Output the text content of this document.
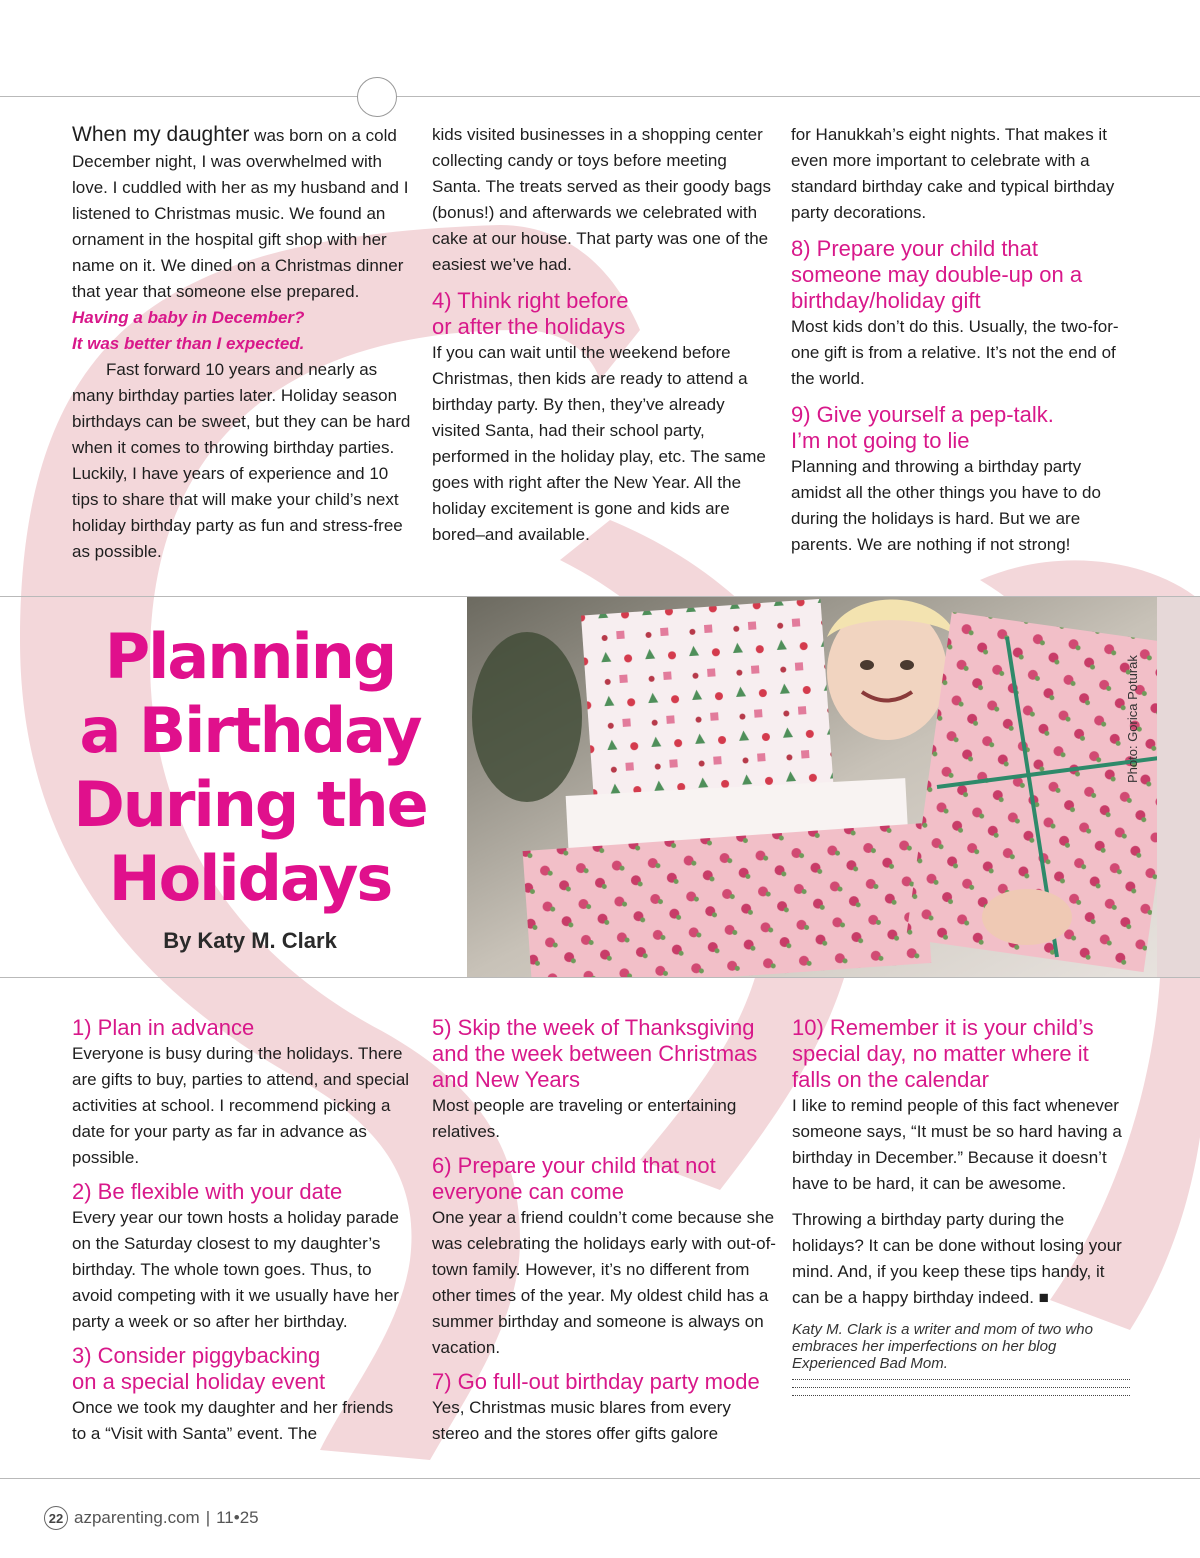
When my daughter was born on a cold December night, I was overwhelmed with love. I cuddled with her as my husband and I listened to Christmas music. We found an ornament in the hospital gift shop with her name on it. We dined on a Christmas dinner that year that someone else prepared.

Having a baby in December?

It was better than I expected.

Fast forward 10 years and nearly as many birthday parties later. Holiday season birthdays can be sweet, but they can be hard when it comes to throwing birthday parties. Luckily, I have years of experience and 10 tips to share that will make your child’s next holiday birthday party as fun and stress-free as possible.

kids visited businesses in a shopping center collecting candy or toys before meeting Santa. The treats served as their goody bags (bonus!) and afterwards we celebrated with cake at our house. That party was one of the easiest we’ve had.

4) Think right before
or after the holidays

If you can wait until the weekend before Christmas, then kids are ready to attend a birthday party. By then, they’ve already visited Santa, had their school party, performed in the holiday play, etc. The same goes with right after the New Year. All the holiday excitement is gone and kids are bored–and available.

for Hanukkah’s eight nights. That makes it even more important to celebrate with a standard birthday cake and typical birthday party decorations.

8) Prepare your child that someone may double-up on a birthday/holiday gift

Most kids don’t do this. Usually, the two-for-one gift is from a relative. It’s not the end of the world.

9) Give yourself a pep-talk.
I’m not going to lie

Planning and throwing a birthday party amidst all the other things you have to do during the holidays is hard. But we are parents. We are nothing if not strong!

Planning
a Birthday
During the
Holidays
By Katy M. Clark
Photo: Gorica Poturak
1) Plan in advance

Everyone is busy during the holidays. There are gifts to buy, parties to attend, and special activities at school. I recommend picking a date for your party as far in advance as possible.

2) Be flexible with your date

Every year our town hosts a holiday parade on the Saturday closest to my daughter’s birthday. The whole town goes. Thus, to avoid competing with it we usually have her party a week or so after her birthday.

3) Consider piggybacking
on a special holiday event

Once we took my daughter and her friends to a “Visit with Santa” event. The

5) Skip the week of Thanksgiving and the week between Christmas and New Years

Most people are traveling or entertaining relatives.

6) Prepare your child that not
everyone can come

One year a friend couldn’t come because she was celebrating the holidays early with out-of-town family. However, it’s no different from other times of the year. My oldest child has a summer birthday and someone is always on vacation.

7) Go full-out birthday party mode

Yes, Christmas music blares from every stereo and the stores offer gifts galore

10) Remember it is your child’s special day, no matter where it falls on the calendar

I like to remind people of this fact whenever someone says, “It must be so hard having a birthday in December.” Because it doesn’t have to be hard, it can be awesome.

Throwing a birthday party during the holidays? It can be done without losing your mind. And, if you keep these tips handy, it can be a happy birthday indeed. ■

Katy M. Clark is a writer and mom of two who embraces her imperfections on her blog Experienced Bad Mom.

22 azparenting.com | 11•25
